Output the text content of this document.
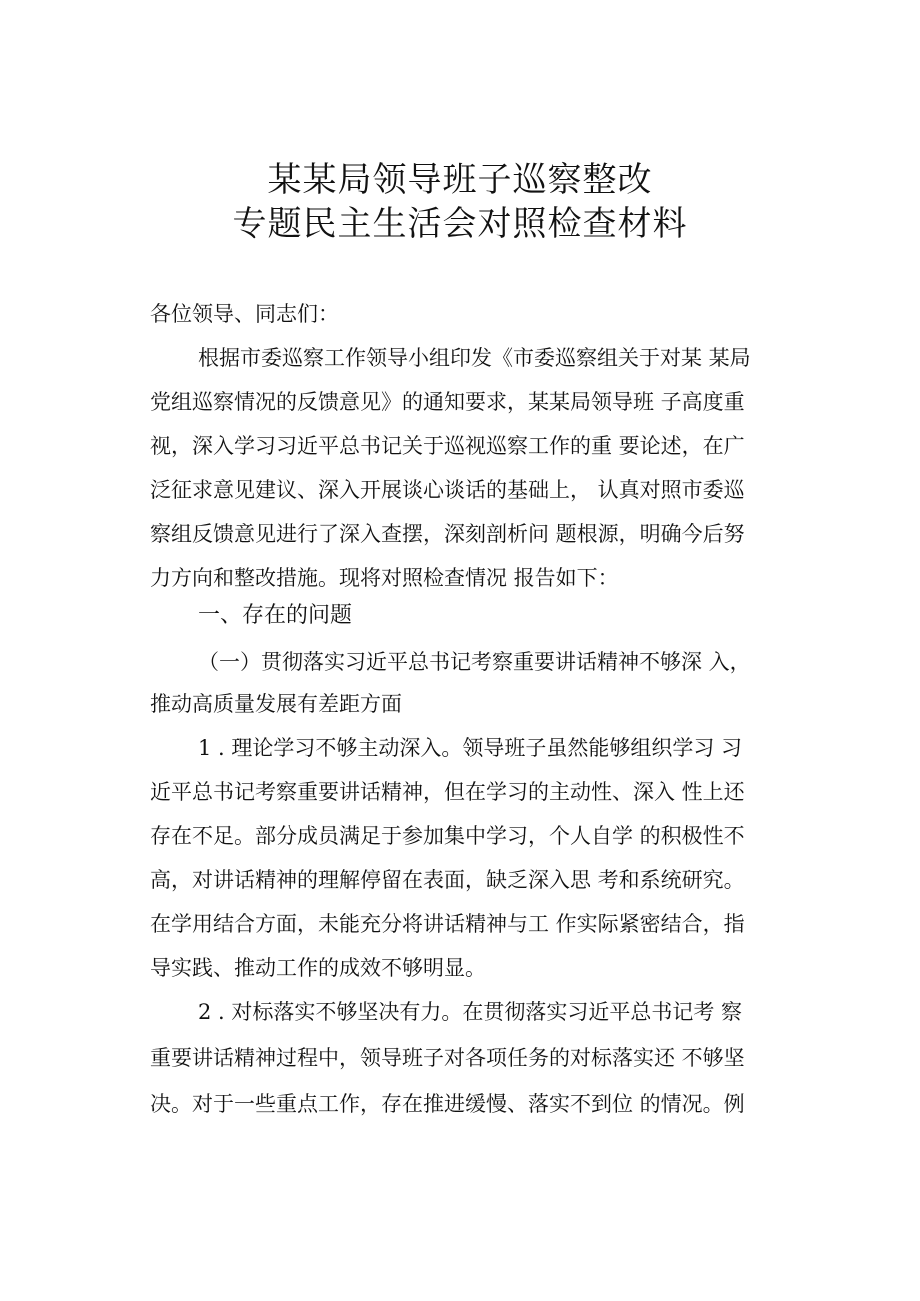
某某局领导班子巡察整改
专题民主生活会对照检查材料
各位领导、同志们：
根据市委巡察工作领导小组印发《市委巡察组关于对某 某局
党组巡察情况的反馈意见》的通知要求，某某局领导班 子高度重
视，深入学习习近平总书记关于巡视巡察工作的重 要论述，在广
泛征求意见建议、深入开展谈心谈话的基础上， 认真对照市委巡
察组反馈意见进行了深入查摆，深刻剖析问 题根源，明确今后努
力方向和整改措施。现将对照检查情况 报告如下：
一、存在的问题
（一）贯彻落实习近平总书记考察重要讲话精神不够深 入，
推动高质量发展有差距方面
1 . 理论学习不够主动深入。领导班子虽然能够组织学习 习
近平总书记考察重要讲话精神，但在学习的主动性、深入 性上还
存在不足。部分成员满足于参加集中学习，个人自学 的积极性不
高，对讲话精神的理解停留在表面，缺乏深入思 考和系统研究。
在学用结合方面，未能充分将讲话精神与工 作实际紧密结合，指
导实践、推动工作的成效不够明显。
2 . 对标落实不够坚决有力。在贯彻落实习近平总书记考 察
重要讲话精神过程中，领导班子对各项任务的对标落实还 不够坚
决。对于一些重点工作，存在推进缓慢、落实不到位 的情况。例
